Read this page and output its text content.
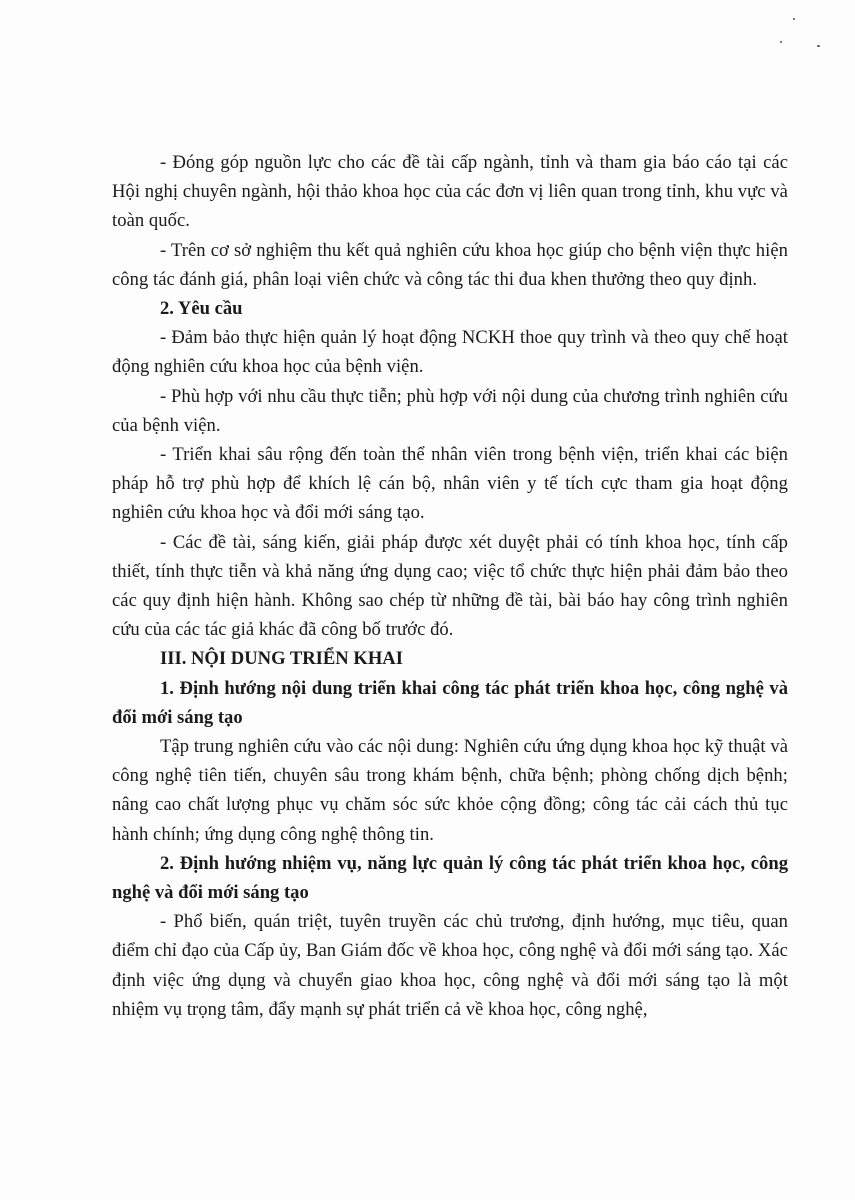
- Đóng góp nguồn lực cho các đề tài cấp ngành, tỉnh và tham gia báo cáo tại các Hội nghị chuyên ngành, hội thảo khoa học của các đơn vị liên quan trong tỉnh, khu vực và toàn quốc.

- Trên cơ sở nghiệm thu kết quả nghiên cứu khoa học giúp cho bệnh viện thực hiện công tác đánh giá, phân loại viên chức và công tác thi đua khen thưởng theo quy định.

2. Yêu cầu

- Đảm bảo thực hiện quản lý hoạt động NCKH thoe quy trình và theo quy chế hoạt động nghiên cứu khoa học của bệnh viện.

- Phù hợp với nhu cầu thực tiễn; phù hợp với nội dung của chương trình nghiên cứu của bệnh viện.

- Triển khai sâu rộng đến toàn thể nhân viên trong bệnh viện, triển khai các biện pháp hỗ trợ phù hợp để khích lệ cán bộ, nhân viên y tế tích cực tham gia hoạt động nghiên cứu khoa học và đổi mới sáng tạo.

- Các đề tài, sáng kiến, giải pháp được xét duyệt phải có tính khoa học, tính cấp thiết, tính thực tiễn và khả năng ứng dụng cao; việc tổ chức thực hiện phải đảm bảo theo các quy định hiện hành. Không sao chép từ những đề tài, bài báo hay công trình nghiên cứu của các tác giả khác đã công bố trước đó.

III. NỘI DUNG TRIỂN KHAI

1. Định hướng nội dung triển khai công tác phát triển khoa học, công nghệ và đổi mới sáng tạo

Tập trung nghiên cứu vào các nội dung: Nghiên cứu ứng dụng khoa học kỹ thuật và công nghệ tiên tiến, chuyên sâu trong khám bệnh, chữa bệnh; phòng chống dịch bệnh; nâng cao chất lượng phục vụ chăm sóc sức khỏe cộng đồng; công tác cải cách thủ tục hành chính; ứng dụng công nghệ thông tin.

2. Định hướng nhiệm vụ, năng lực quản lý công tác phát triển khoa học, công nghệ và đổi mới sáng tạo

- Phổ biến, quán triệt, tuyên truyền các chủ trương, định hướng, mục tiêu, quan điểm chỉ đạo của Cấp ủy, Ban Giám đốc về khoa học, công nghệ và đổi mới sáng tạo. Xác định việc ứng dụng và chuyển giao khoa học, công nghệ và đổi mới sáng tạo là một nhiệm vụ trọng tâm, đẩy mạnh sự phát triển cả về khoa học, công nghệ,
